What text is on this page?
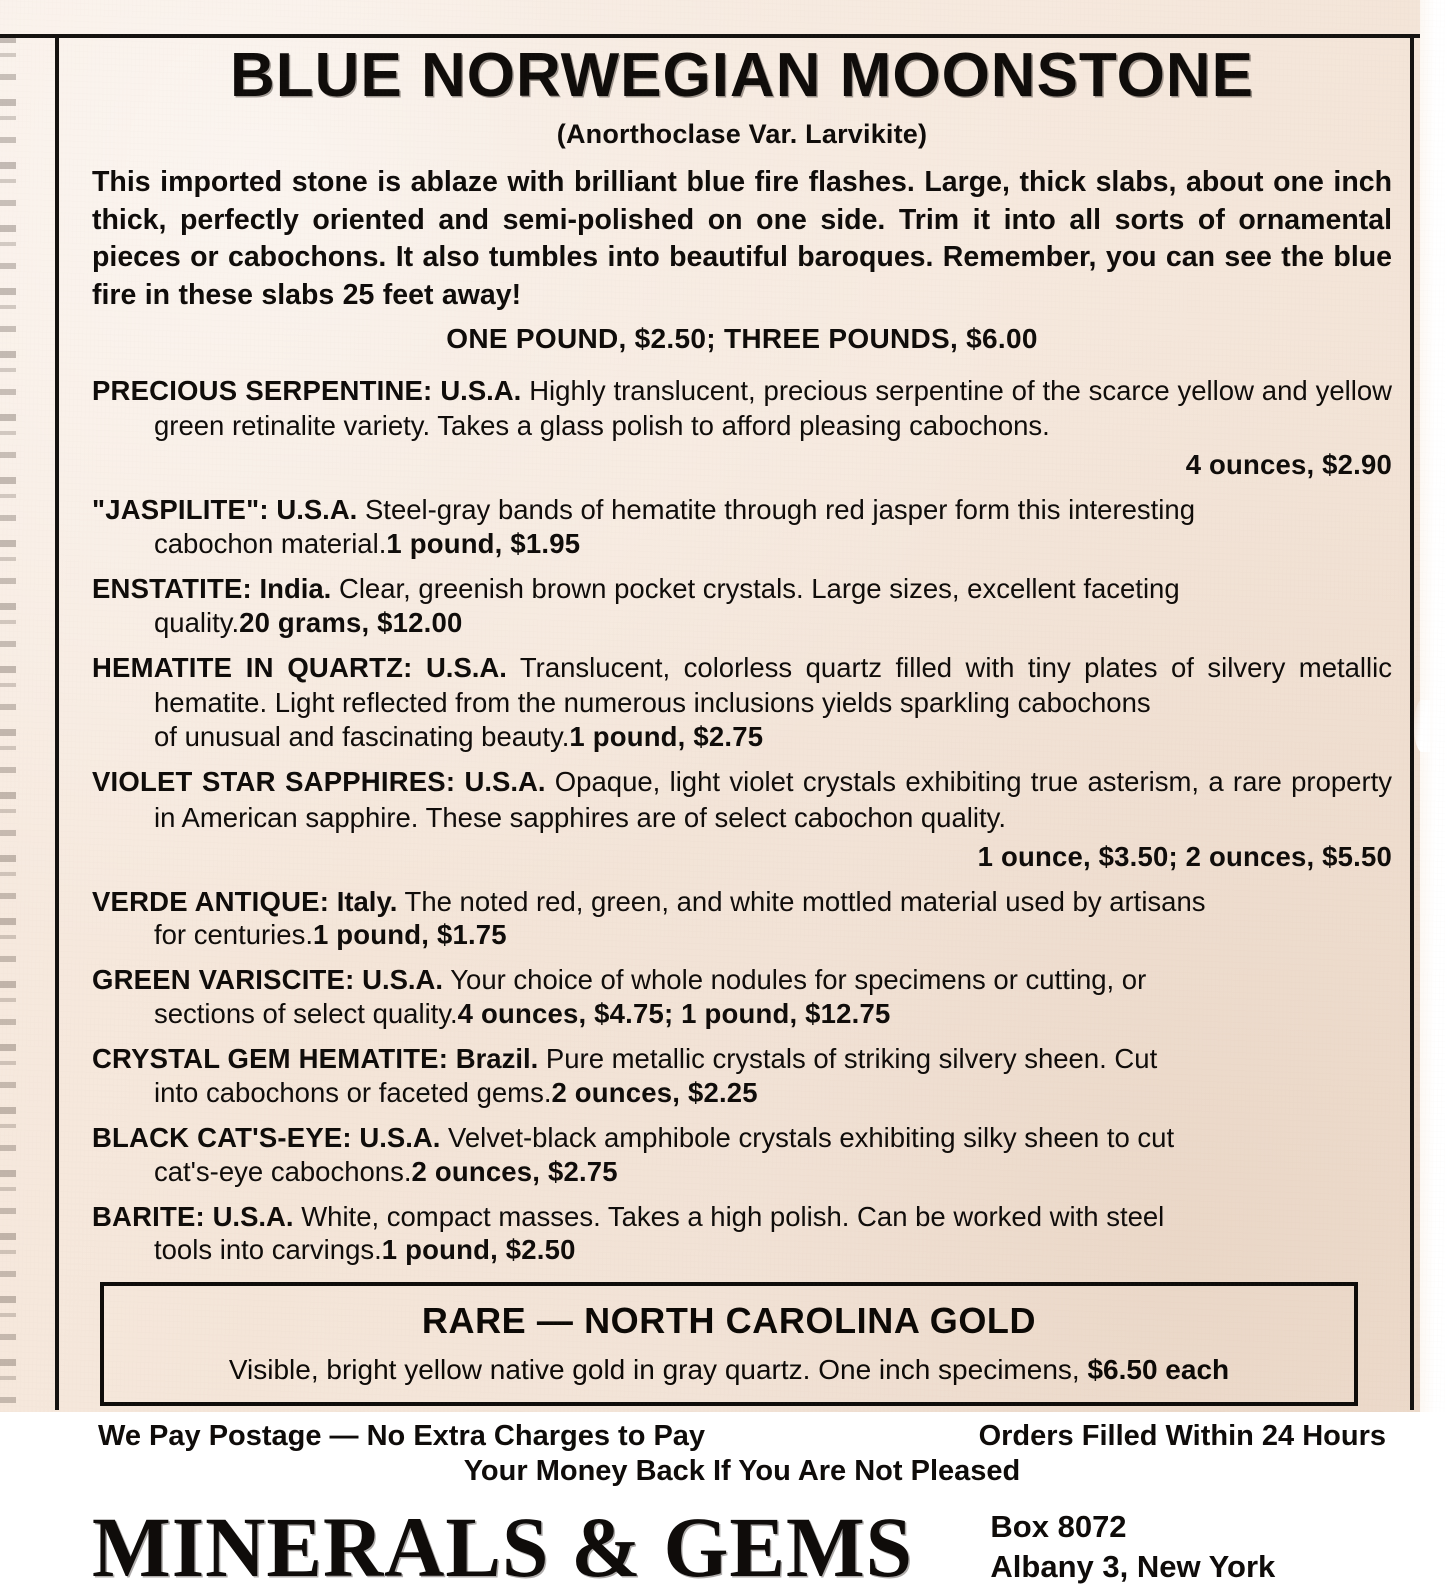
BLUE NORWEGIAN MOONSTONE
(Anorthoclase Var. Larvikite)

This imported stone is ablaze with brilliant blue fire flashes. Large, thick slabs, about one inch thick, perfectly oriented and semi-polished on one side. Trim it into all sorts of ornamental pieces or cabochons. It also tumbles into beautiful baroques. Remember, you can see the blue fire in these slabs 25 feet away!

ONE POUND, $2.50; THREE POUNDS, $6.00

PRECIOUS SERPENTINE: U.S.A. Highly translucent, precious serpentine of the scarce yellow and yellow green retinalite variety. Takes a glass polish to afford pleasing cabochons.

4 ounces, $2.90

"JASPILITE": U.S.A. Steel-gray bands of hematite through red jasper form this interesting

cabochon material. 1 pound, $1.95

ENSTATITE: India. Clear, greenish brown pocket crystals. Large sizes, excellent faceting

quality. 20 grams, $12.00

HEMATITE IN QUARTZ: U.S.A. Translucent, colorless quartz filled with tiny plates of silvery metallic hematite. Light reflected from the numerous inclusions yields sparkling cabochons

of unusual and fascinating beauty. 1 pound, $2.75

VIOLET STAR SAPPHIRES: U.S.A. Opaque, light violet crystals exhibiting true asterism, a rare property in American sapphire. These sapphires are of select cabochon quality.

1 ounce, $3.50; 2 ounces, $5.50

VERDE ANTIQUE: Italy. The noted red, green, and white mottled material used by artisans

for centuries. 1 pound, $1.75

GREEN VARISCITE: U.S.A. Your choice of whole nodules for specimens or cutting, or

sections of select quality. 4 ounces, $4.75; 1 pound, $12.75

CRYSTAL GEM HEMATITE: Brazil. Pure metallic crystals of striking silvery sheen. Cut

into cabochons or faceted gems. 2 ounces, $2.25

BLACK CAT'S-EYE: U.S.A. Velvet-black amphibole crystals exhibiting silky sheen to cut

cat's-eye cabochons. 2 ounces, $2.75

BARITE: U.S.A. White, compact masses. Takes a high polish. Can be worked with steel

tools into carvings. 1 pound, $2.50
RARE — NORTH CAROLINA GOLD
Visible, bright yellow native gold in gray quartz. One inch specimens, $6.50 each
We Pay Postage — No Extra Charges to Pay	Orders Filled Within 24 Hours
Your Money Back If You Are Not Pleased
MINERALS & GEMS Box 8072
Albany 3, New York
